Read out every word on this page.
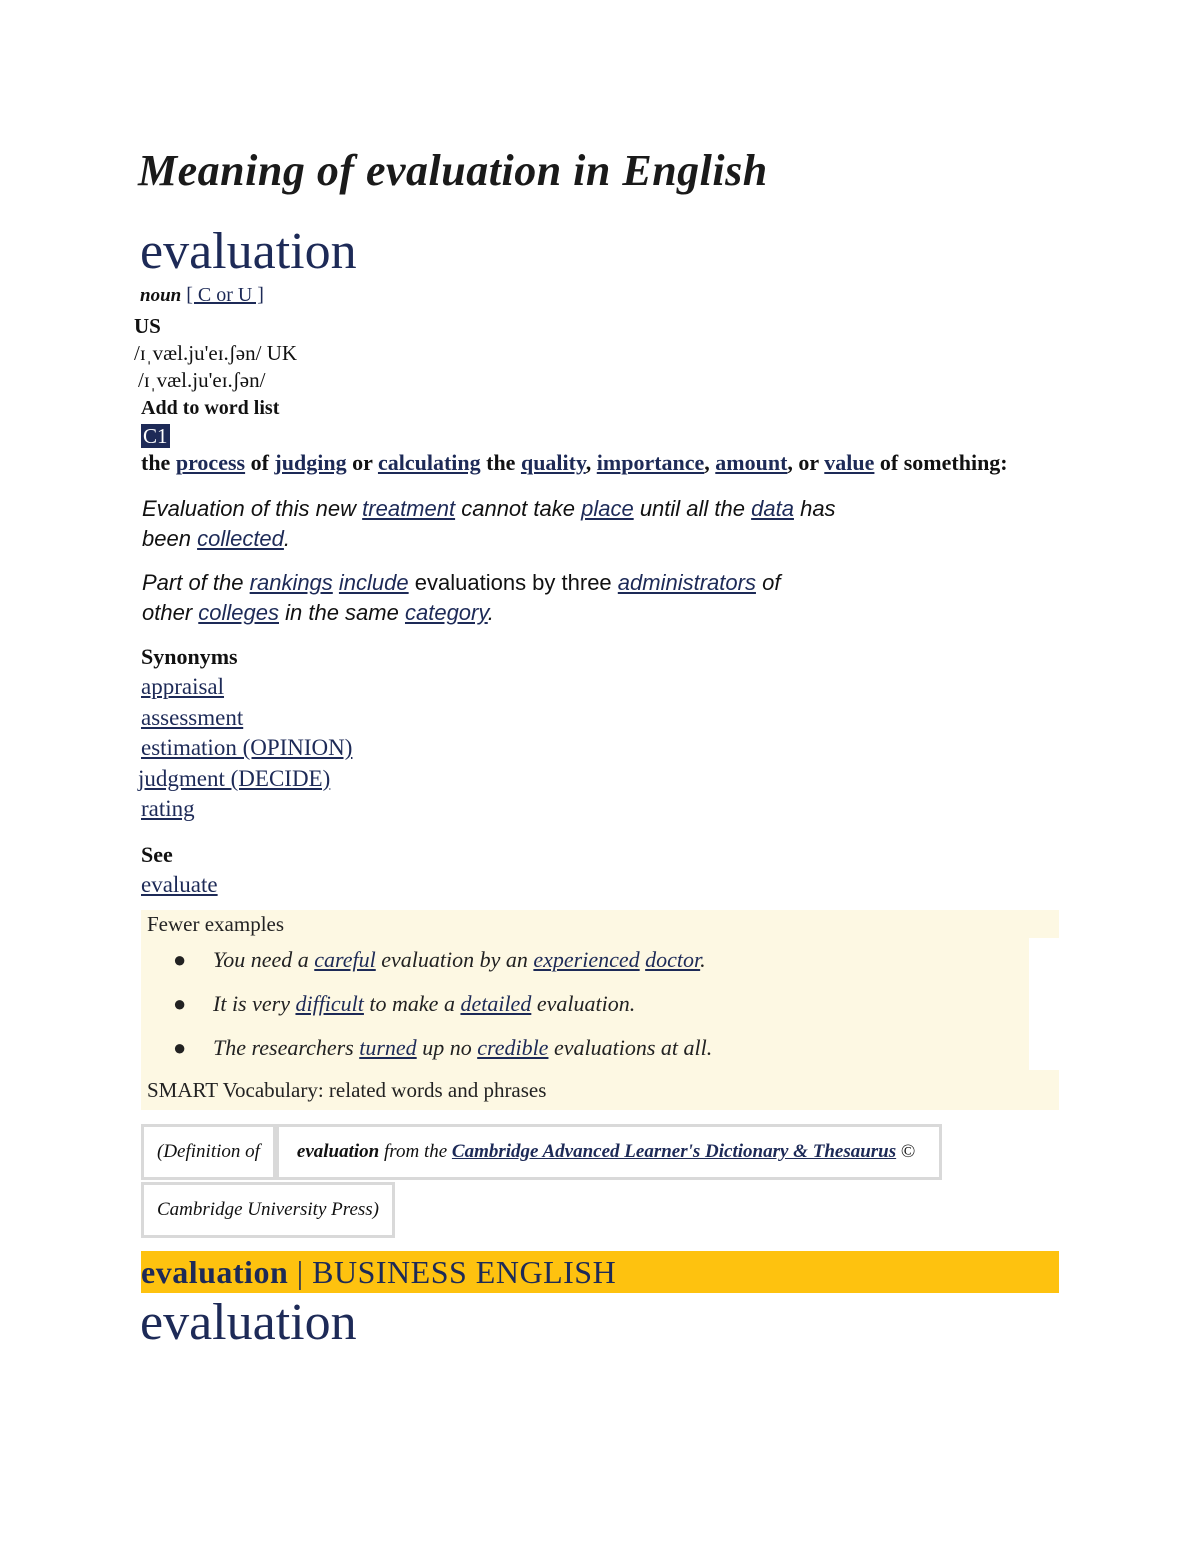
Meaning of evaluation in English
evaluation
noun [ C or U ]
US
/ɪˌvæl.ju'eɪ.ʃən/ UK
/ɪˌvæl.ju'eɪ.ʃən/
Add to word list
C1
the process of judging or calculating the quality, importance, amount, or value of something:
Evaluation of this new treatment cannot take place until all the data has
been collected.
Part of the rankings include evaluations by three administrators of
other colleges in the same category.
Synonyms
appraisal
assessment
estimation (OPINION)
judgment (DECIDE)
rating
See
evaluate
Fewer examples
● You need a careful evaluation by an experienced doctor.
● It is very difficult to make a detailed evaluation.
● The researchers turned up no credible evaluations at all.
SMART Vocabulary: related words and phrases
(Definition of	evaluation from the Cambridge Advanced Learner's Dictionary & Thesaurus ©
Cambridge University Press)
evaluation | BUSINESS ENGLISH
evaluation
